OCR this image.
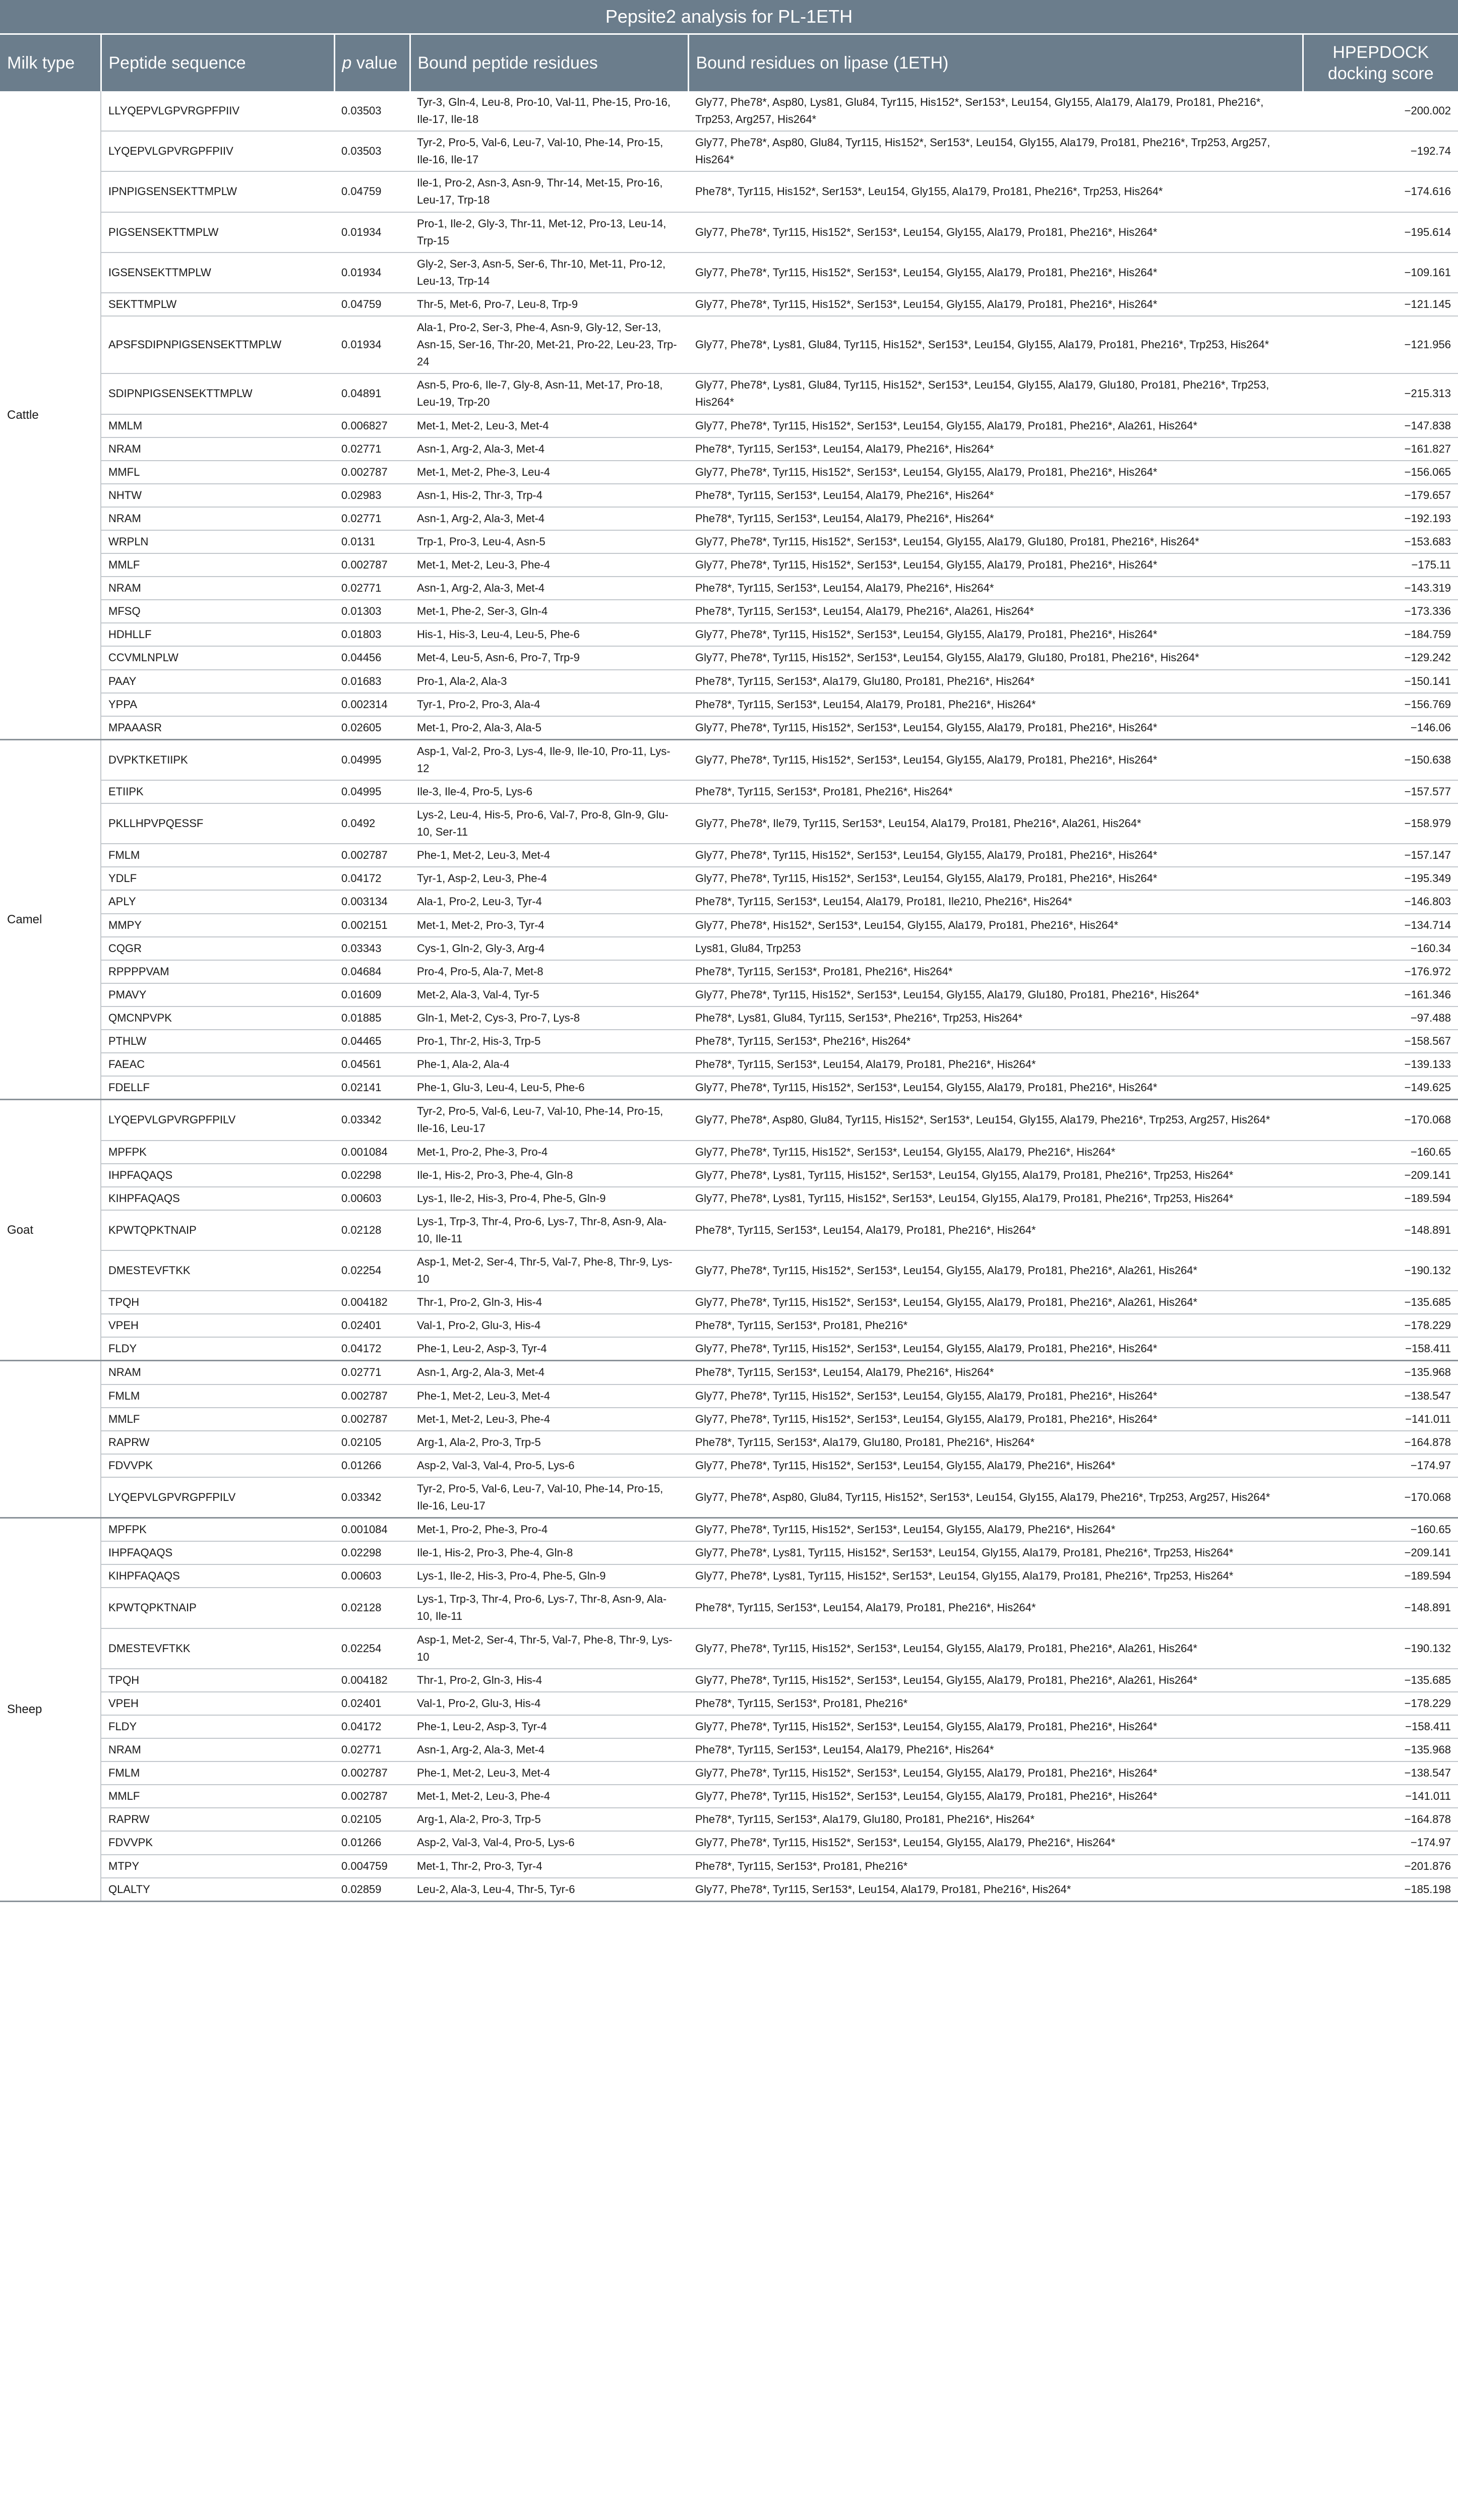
Pepsite2 analysis for PL-1ETH					
Milk type	Peptide sequence	p value	Bound peptide residues	Bound residues on lipase (1ETH)	HPEPDOCK docking score
Cattle	LLYQEPVLGPVRGPFPIIV	0.03503	Tyr-3, Gln-4, Leu-8, Pro-10, Val-11, Phe-15, Pro-16, Ile-17, Ile-18	Gly77, Phe78*, Asp80, Lys81, Glu84, Tyr115, His152*, Ser153*, Leu154, Gly155, Ala179, Ala179, Pro181, Phe216*, Trp253, Arg257, His264*	−200.002
	LYQEPVLGPVRGPFPIIV	0.03503	Tyr-2, Pro-5, Val-6, Leu-7, Val-10, Phe-14, Pro-15, Ile-16, Ile-17	Gly77, Phe78*, Asp80, Glu84, Tyr115, His152*, Ser153*, Leu154, Gly155, Ala179, Pro181, Phe216*, Trp253, Arg257, His264*	−192.74
	IPNPIGSENSEKTTMPLW	0.04759	Ile-1, Pro-2, Asn-3, Asn-9, Thr-14, Met-15, Pro-16, Leu-17, Trp-18	Phe78*, Tyr115, His152*, Ser153*, Leu154, Gly155, Ala179, Pro181, Phe216*, Trp253, His264*	−174.616
	PIGSENSEKTTMPLW	0.01934	Pro-1, Ile-2, Gly-3, Thr-11, Met-12, Pro-13, Leu-14, Trp-15	Gly77, Phe78*, Tyr115, His152*, Ser153*, Leu154, Gly155, Ala179, Pro181, Phe216*, His264*	−195.614
	IGSENSEKTTMPLW	0.01934	Gly-2, Ser-3, Asn-5, Ser-6, Thr-10, Met-11, Pro-12, Leu-13, Trp-14	Gly77, Phe78*, Tyr115, His152*, Ser153*, Leu154, Gly155, Ala179, Pro181, Phe216*, His264*	−109.161
	SEKTTMPLW	0.04759	Thr-5, Met-6, Pro-7, Leu-8, Trp-9	Gly77, Phe78*, Tyr115, His152*, Ser153*, Leu154, Gly155, Ala179, Pro181, Phe216*, His264*	−121.145
	APSFSDIPNPIGSENSEKTTMPLW	0.01934	Ala-1, Pro-2, Ser-3, Phe-4, Asn-9, Gly-12, Ser-13, Asn-15, Ser-16, Thr-20, Met-21, Pro-22, Leu-23, Trp-24	Gly77, Phe78*, Lys81, Glu84, Tyr115, His152*, Ser153*, Leu154, Gly155, Ala179, Pro181, Phe216*, Trp253, His264*	−121.956
	SDIPNPIGSENSEKTTMPLW	0.04891	Asn-5, Pro-6, Ile-7, Gly-8, Asn-11, Met-17, Pro-18, Leu-19, Trp-20	Gly77, Phe78*, Lys81, Glu84, Tyr115, His152*, Ser153*, Leu154, Gly155, Ala179, Glu180, Pro181, Phe216*, Trp253, His264*	−215.313
	MMLM	0.006827	Met-1, Met-2, Leu-3, Met-4	Gly77, Phe78*, Tyr115, His152*, Ser153*, Leu154, Gly155, Ala179, Pro181, Phe216*, Ala261, His264*	−147.838
	NRAM	0.02771	Asn-1, Arg-2, Ala-3, Met-4	Phe78*, Tyr115, Ser153*, Leu154, Ala179, Phe216*, His264*	−161.827
	MMFL	0.002787	Met-1, Met-2, Phe-3, Leu-4	Gly77, Phe78*, Tyr115, His152*, Ser153*, Leu154, Gly155, Ala179, Pro181, Phe216*, His264*	−156.065
	NHTW	0.02983	Asn-1, His-2, Thr-3, Trp-4	Phe78*, Tyr115, Ser153*, Leu154, Ala179, Phe216*, His264*	−179.657
	NRAM	0.02771	Asn-1, Arg-2, Ala-3, Met-4	Phe78*, Tyr115, Ser153*, Leu154, Ala179, Phe216*, His264*	−192.193
	WRPLN	0.0131	Trp-1, Pro-3, Leu-4, Asn-5	Gly77, Phe78*, Tyr115, His152*, Ser153*, Leu154, Gly155, Ala179, Glu180, Pro181, Phe216*, His264*	−153.683
	MMLF	0.002787	Met-1, Met-2, Leu-3, Phe-4	Gly77, Phe78*, Tyr115, His152*, Ser153*, Leu154, Gly155, Ala179, Pro181, Phe216*, His264*	−175.11
	NRAM	0.02771	Asn-1, Arg-2, Ala-3, Met-4	Phe78*, Tyr115, Ser153*, Leu154, Ala179, Phe216*, His264*	−143.319
	MFSQ	0.01303	Met-1, Phe-2, Ser-3, Gln-4	Phe78*, Tyr115, Ser153*, Leu154, Ala179, Phe216*, Ala261, His264*	−173.336
	HDHLLF	0.01803	His-1, His-3, Leu-4, Leu-5, Phe-6	Gly77, Phe78*, Tyr115, His152*, Ser153*, Leu154, Gly155, Ala179, Pro181, Phe216*, His264*	−184.759
	CCVMLNPLW	0.04456	Met-4, Leu-5, Asn-6, Pro-7, Trp-9	Gly77, Phe78*, Tyr115, His152*, Ser153*, Leu154, Gly155, Ala179, Glu180, Pro181, Phe216*, His264*	−129.242
	PAAY	0.01683	Pro-1, Ala-2, Ala-3	Phe78*, Tyr115, Ser153*, Ala179, Glu180, Pro181, Phe216*, His264*	−150.141
	YPPA	0.002314	Tyr-1, Pro-2, Pro-3, Ala-4	Phe78*, Tyr115, Ser153*, Leu154, Ala179, Pro181, Phe216*, His264*	−156.769
	MPAAASR	0.02605	Met-1, Pro-2, Ala-3, Ala-5	Gly77, Phe78*, Tyr115, His152*, Ser153*, Leu154, Gly155, Ala179, Pro181, Phe216*, His264*	−146.06
Camel	DVPKTKETIIPK	0.04995	Asp-1, Val-2, Pro-3, Lys-4, Ile-9, Ile-10, Pro-11, Lys-12	Gly77, Phe78*, Tyr115, His152*, Ser153*, Leu154, Gly155, Ala179, Pro181, Phe216*, His264*	−150.638
	ETIIPK	0.04995	Ile-3, Ile-4, Pro-5, Lys-6	Phe78*, Tyr115, Ser153*, Pro181, Phe216*, His264*	−157.577
	PKLLHPVPQESSF	0.0492	Lys-2, Leu-4, His-5, Pro-6, Val-7, Pro-8, Gln-9, Glu-10, Ser-11	Gly77, Phe78*, Ile79, Tyr115, Ser153*, Leu154, Ala179, Pro181, Phe216*, Ala261, His264*	−158.979
	FMLM	0.002787	Phe-1, Met-2, Leu-3, Met-4	Gly77, Phe78*, Tyr115, His152*, Ser153*, Leu154, Gly155, Ala179, Pro181, Phe216*, His264*	−157.147
	YDLF	0.04172	Tyr-1, Asp-2, Leu-3, Phe-4	Gly77, Phe78*, Tyr115, His152*, Ser153*, Leu154, Gly155, Ala179, Pro181, Phe216*, His264*	−195.349
	APLY	0.003134	Ala-1, Pro-2, Leu-3, Tyr-4	Phe78*, Tyr115, Ser153*, Leu154, Ala179, Pro181, Ile210, Phe216*, His264*	−146.803
	MMPY	0.002151	Met-1, Met-2, Pro-3, Tyr-4	Gly77, Phe78*, His152*, Ser153*, Leu154, Gly155, Ala179, Pro181, Phe216*, His264*	−134.714
	CQGR	0.03343	Cys-1, Gln-2, Gly-3, Arg-4	Lys81, Glu84, Trp253	−160.34
	RPPPPVAM	0.04684	Pro-4, Pro-5, Ala-7, Met-8	Phe78*, Tyr115, Ser153*, Pro181, Phe216*, His264*	−176.972
	PMAVY	0.01609	Met-2, Ala-3, Val-4, Tyr-5	Gly77, Phe78*, Tyr115, His152*, Ser153*, Leu154, Gly155, Ala179, Glu180, Pro181, Phe216*, His264*	−161.346
	QMCNPVPK	0.01885	Gln-1, Met-2, Cys-3, Pro-7, Lys-8	Phe78*, Lys81, Glu84, Tyr115, Ser153*, Phe216*, Trp253, His264*	−97.488
	PTHLW	0.04465	Pro-1, Thr-2, His-3, Trp-5	Phe78*, Tyr115, Ser153*, Phe216*, His264*	−158.567
	FAEAC	0.04561	Phe-1, Ala-2, Ala-4	Phe78*, Tyr115, Ser153*, Leu154, Ala179, Pro181, Phe216*, His264*	−139.133
	FDELLF	0.02141	Phe-1, Glu-3, Leu-4, Leu-5, Phe-6	Gly77, Phe78*, Tyr115, His152*, Ser153*, Leu154, Gly155, Ala179, Pro181, Phe216*, His264*	−149.625
Goat	LYQEPVLGPVRGPFPILV	0.03342	Tyr-2, Pro-5, Val-6, Leu-7, Val-10, Phe-14, Pro-15, Ile-16, Leu-17	Gly77, Phe78*, Asp80, Glu84, Tyr115, His152*, Ser153*, Leu154, Gly155, Ala179, Phe216*, Trp253, Arg257, His264*	−170.068
	MPFPK	0.001084	Met-1, Pro-2, Phe-3, Pro-4	Gly77, Phe78*, Tyr115, His152*, Ser153*, Leu154, Gly155, Ala179, Phe216*, His264*	−160.65
	IHPFAQAQS	0.02298	Ile-1, His-2, Pro-3, Phe-4, Gln-8	Gly77, Phe78*, Lys81, Tyr115, His152*, Ser153*, Leu154, Gly155, Ala179, Pro181, Phe216*, Trp253, His264*	−209.141
	KIHPFAQAQS	0.00603	Lys-1, Ile-2, His-3, Pro-4, Phe-5, Gln-9	Gly77, Phe78*, Lys81, Tyr115, His152*, Ser153*, Leu154, Gly155, Ala179, Pro181, Phe216*, Trp253, His264*	−189.594
	KPWTQPKTNAIP	0.02128	Lys-1, Trp-3, Thr-4, Pro-6, Lys-7, Thr-8, Asn-9, Ala-10, Ile-11	Phe78*, Tyr115, Ser153*, Leu154, Ala179, Pro181, Phe216*, His264*	−148.891
	DMESTEVFTKK	0.02254	Asp-1, Met-2, Ser-4, Thr-5, Val-7, Phe-8, Thr-9, Lys-10	Gly77, Phe78*, Tyr115, His152*, Ser153*, Leu154, Gly155, Ala179, Pro181, Phe216*, Ala261, His264*	−190.132
	TPQH	0.004182	Thr-1, Pro-2, Gln-3, His-4	Gly77, Phe78*, Tyr115, His152*, Ser153*, Leu154, Gly155, Ala179, Pro181, Phe216*, Ala261, His264*	−135.685
	VPEH	0.02401	Val-1, Pro-2, Glu-3, His-4	Phe78*, Tyr115, Ser153*, Pro181, Phe216*	−178.229
	FLDY	0.04172	Phe-1, Leu-2, Asp-3, Tyr-4	Gly77, Phe78*, Tyr115, His152*, Ser153*, Leu154, Gly155, Ala179, Pro181, Phe216*, His264*	−158.411
	NRAM	0.02771	Asn-1, Arg-2, Ala-3, Met-4	Phe78*, Tyr115, Ser153*, Leu154, Ala179, Phe216*, His264*	−135.968
	FMLM	0.002787	Phe-1, Met-2, Leu-3, Met-4	Gly77, Phe78*, Tyr115, His152*, Ser153*, Leu154, Gly155, Ala179, Pro181, Phe216*, His264*	−138.547
	MMLF	0.002787	Met-1, Met-2, Leu-3, Phe-4	Gly77, Phe78*, Tyr115, His152*, Ser153*, Leu154, Gly155, Ala179, Pro181, Phe216*, His264*	−141.011
	RAPRW	0.02105	Arg-1, Ala-2, Pro-3, Trp-5	Phe78*, Tyr115, Ser153*, Ala179, Glu180, Pro181, Phe216*, His264*	−164.878
	FDVVPK	0.01266	Asp-2, Val-3, Val-4, Pro-5, Lys-6	Gly77, Phe78*, Tyr115, His152*, Ser153*, Leu154, Gly155, Ala179, Phe216*, His264*	−174.97
	LYQEPVLGPVRGPFPILV	0.03342	Tyr-2, Pro-5, Val-6, Leu-7, Val-10, Phe-14, Pro-15, Ile-16, Leu-17	Gly77, Phe78*, Asp80, Glu84, Tyr115, His152*, Ser153*, Leu154, Gly155, Ala179, Phe216*, Trp253, Arg257, His264*	−170.068
Sheep	MPFPK	0.001084	Met-1, Pro-2, Phe-3, Pro-4	Gly77, Phe78*, Tyr115, His152*, Ser153*, Leu154, Gly155, Ala179, Phe216*, His264*	−160.65
	IHPFAQAQS	0.02298	Ile-1, His-2, Pro-3, Phe-4, Gln-8	Gly77, Phe78*, Lys81, Tyr115, His152*, Ser153*, Leu154, Gly155, Ala179, Pro181, Phe216*, Trp253, His264*	−209.141
	KIHPFAQAQS	0.00603	Lys-1, Ile-2, His-3, Pro-4, Phe-5, Gln-9	Gly77, Phe78*, Lys81, Tyr115, His152*, Ser153*, Leu154, Gly155, Ala179, Pro181, Phe216*, Trp253, His264*	−189.594
	KPWTQPKTNAIP	0.02128	Lys-1, Trp-3, Thr-4, Pro-6, Lys-7, Thr-8, Asn-9, Ala-10, Ile-11	Phe78*, Tyr115, Ser153*, Leu154, Ala179, Pro181, Phe216*, His264*	−148.891
	DMESTEVFTKK	0.02254	Asp-1, Met-2, Ser-4, Thr-5, Val-7, Phe-8, Thr-9, Lys-10	Gly77, Phe78*, Tyr115, His152*, Ser153*, Leu154, Gly155, Ala179, Pro181, Phe216*, Ala261, His264*	−190.132
	TPQH	0.004182	Thr-1, Pro-2, Gln-3, His-4	Gly77, Phe78*, Tyr115, His152*, Ser153*, Leu154, Gly155, Ala179, Pro181, Phe216*, Ala261, His264*	−135.685
	VPEH	0.02401	Val-1, Pro-2, Glu-3, His-4	Phe78*, Tyr115, Ser153*, Pro181, Phe216*	−178.229
	FLDY	0.04172	Phe-1, Leu-2, Asp-3, Tyr-4	Gly77, Phe78*, Tyr115, His152*, Ser153*, Leu154, Gly155, Ala179, Pro181, Phe216*, His264*	−158.411
	NRAM	0.02771	Asn-1, Arg-2, Ala-3, Met-4	Phe78*, Tyr115, Ser153*, Leu154, Ala179, Phe216*, His264*	−135.968
	FMLM	0.002787	Phe-1, Met-2, Leu-3, Met-4	Gly77, Phe78*, Tyr115, His152*, Ser153*, Leu154, Gly155, Ala179, Pro181, Phe216*, His264*	−138.547
	MMLF	0.002787	Met-1, Met-2, Leu-3, Phe-4	Gly77, Phe78*, Tyr115, His152*, Ser153*, Leu154, Gly155, Ala179, Pro181, Phe216*, His264*	−141.011
	RAPRW	0.02105	Arg-1, Ala-2, Pro-3, Trp-5	Phe78*, Tyr115, Ser153*, Ala179, Glu180, Pro181, Phe216*, His264*	−164.878
	FDVVPK	0.01266	Asp-2, Val-3, Val-4, Pro-5, Lys-6	Gly77, Phe78*, Tyr115, His152*, Ser153*, Leu154, Gly155, Ala179, Phe216*, His264*	−174.97
	MTPY	0.004759	Met-1, Thr-2, Pro-3, Tyr-4	Phe78*, Tyr115, Ser153*, Pro181, Phe216*	−201.876
	QLALTY	0.02859	Leu-2, Ala-3, Leu-4, Thr-5, Tyr-6	Gly77, Phe78*, Tyr115, Ser153*, Leu154, Ala179, Pro181, Phe216*, His264*	−185.198
